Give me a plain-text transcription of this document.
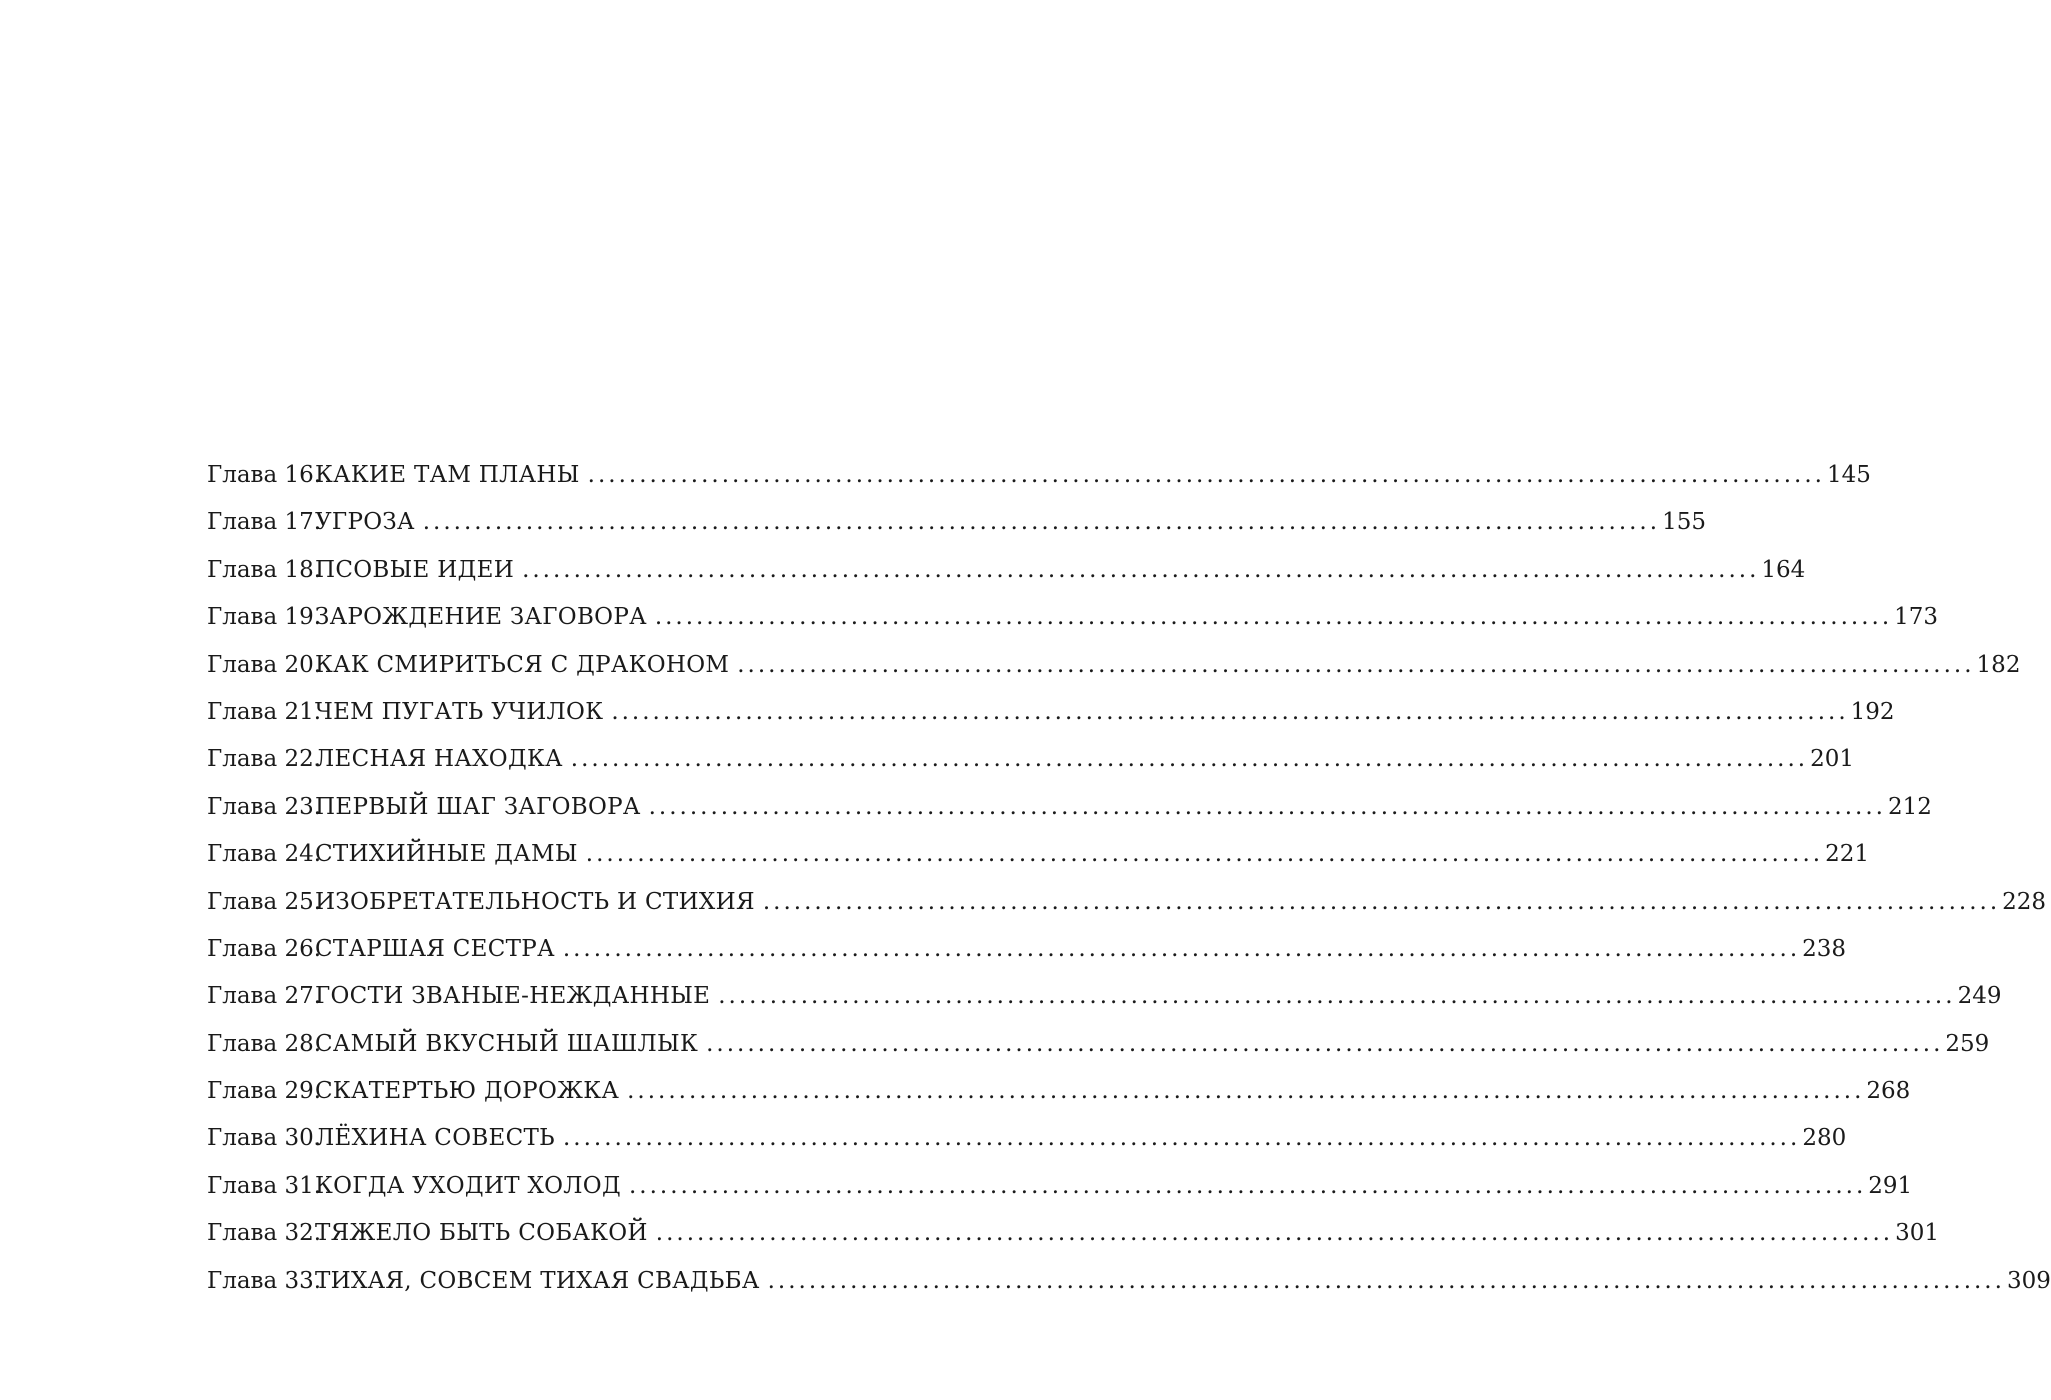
Глава 16.
КАКИЕ ТАМ ПЛАНЫ ........................................................................................................................ 145
Глава 17.
УГРОЗА ........................................................................................................................ 155
Глава 18.
ПСОВЫЕ ИДЕИ ........................................................................................................................ 164
Глава 19.
ЗАРОЖДЕНИЕ ЗАГОВОРА ........................................................................................................................ 173
Глава 20.
КАК СМИРИТЬСЯ С ДРАКОНОМ ........................................................................................................................ 182
Глава 21.
ЧЕМ ПУГАТЬ УЧИЛОК ........................................................................................................................ 192
Глава 22.
ЛЕСНАЯ НАХОДКА ........................................................................................................................ 201
Глава 23.
ПЕРВЫЙ ШАГ ЗАГОВОРА ........................................................................................................................ 212
Глава 24.
СТИХИЙНЫЕ ДАМЫ ........................................................................................................................ 221
Глава 25.
ИЗОБРЕТАТЕЛЬНОСТЬ И СТИХИЯ ........................................................................................................................ 228
Глава 26.
СТАРШАЯ СЕСТРА ........................................................................................................................ 238
Глава 27.
ГОСТИ ЗВАНЫЕ-НЕЖДАННЫЕ ........................................................................................................................ 249
Глава 28.
САМЫЙ ВКУСНЫЙ ШАШЛЫК ........................................................................................................................ 259
Глава 29.
СКАТЕРТЬЮ ДОРОЖКА ........................................................................................................................ 268
Глава 30.
ЛЁХИНА СОВЕСТЬ ........................................................................................................................ 280
Глава 31.
КОГДА УХОДИТ ХОЛОД ........................................................................................................................ 291
Глава 32.
ТЯЖЕЛО БЫТЬ СОБАКОЙ ........................................................................................................................ 301
Глава 33.
ТИХАЯ, СОВСЕМ ТИХАЯ СВАДЬБА ........................................................................................................................ 309
